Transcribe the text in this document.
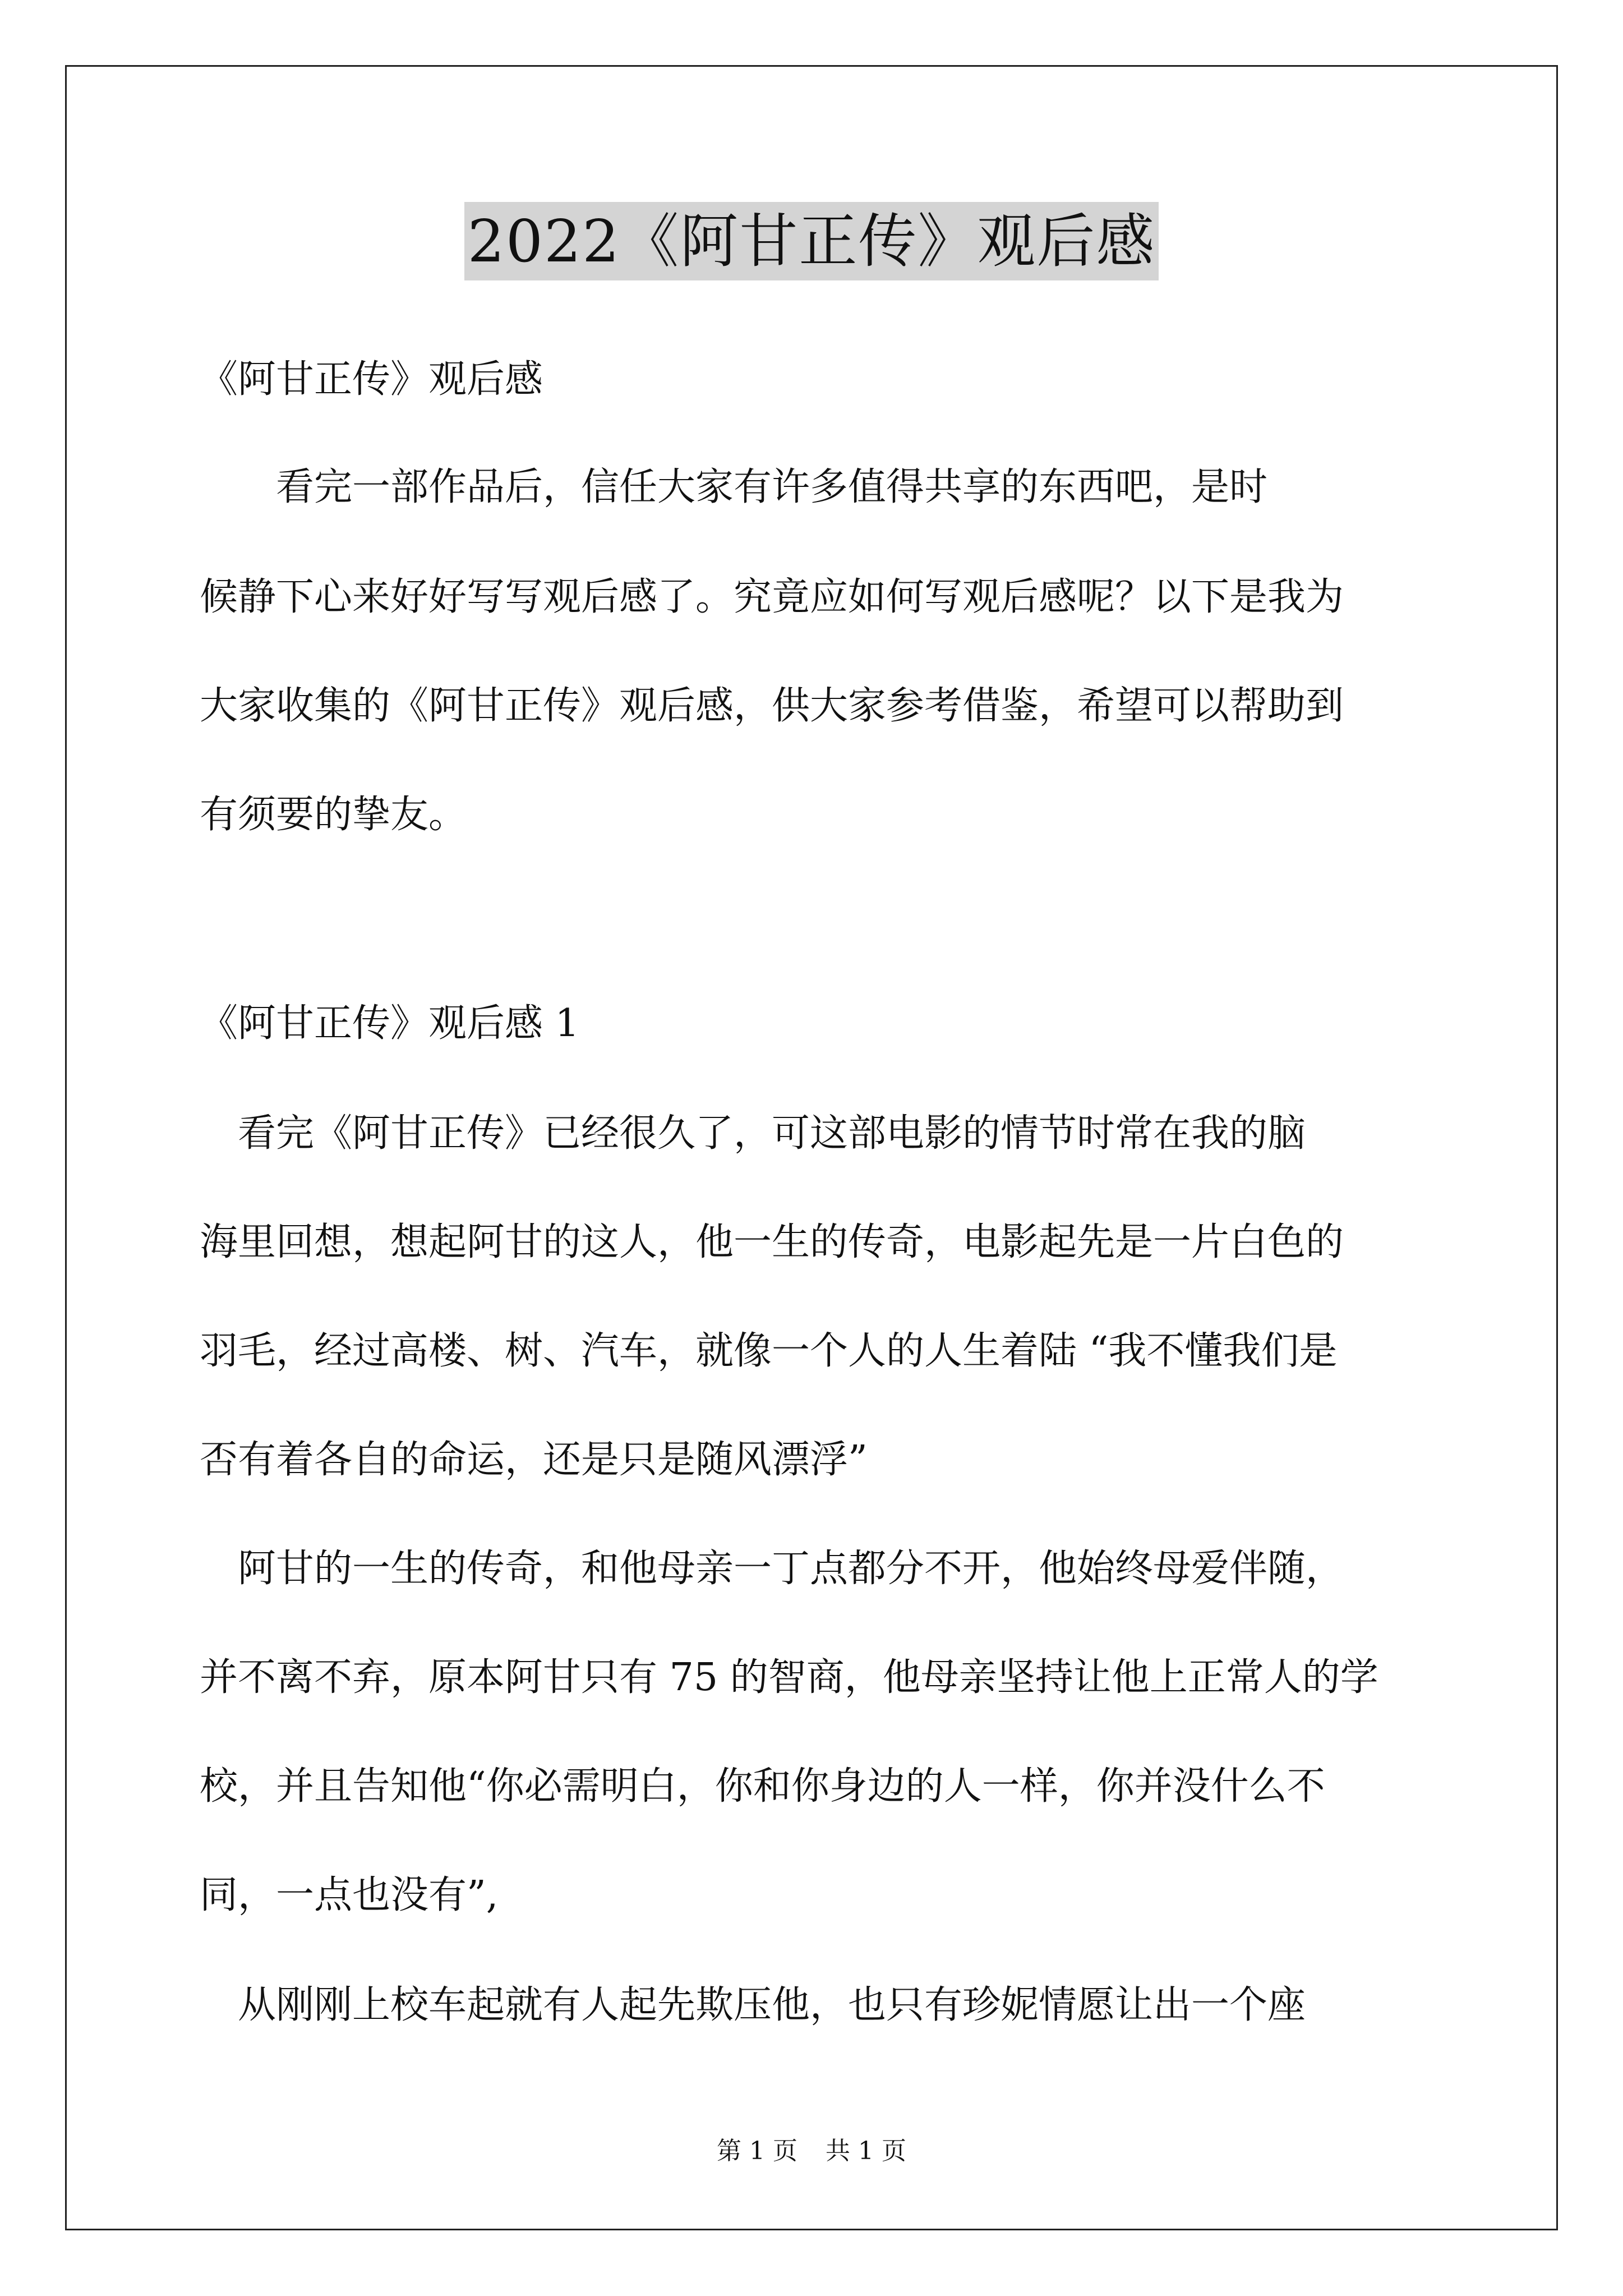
2022《阿甘正传》观后感
《阿甘正传》观后感
　　看完一部作品后，信任大家有许多值得共享的东西吧，是时
候静下心来好好写写观后感了。究竟应如何写观后感呢？以下是我为
大家收集的《阿甘正传》观后感，供大家参考借鉴，希望可以帮助到
有须要的挚友。
《阿甘正传》观后感 1
　看完《阿甘正传》已经很久了，可这部电影的情节时常在我的脑
海里回想，想起阿甘的这人，他一生的传奇，电影起先是一片白色的
羽毛，经过高楼、树、汽车，就像一个人的人生着陆 “我不懂我们是
否有着各自的命运，还是只是随风漂浮”
　阿甘的一生的传奇，和他母亲一丁点都分不开，他始终母爱伴随，
并不离不弃，原本阿甘只有 75 的智商，他母亲坚持让他上正常人的学
校，并且告知他“你必需明白，你和你身边的人一样，你并没什么不
同，一点也没有”,
　从刚刚上校车起就有人起先欺压他，也只有珍妮情愿让出一个座
第 1 页 共 1 页
